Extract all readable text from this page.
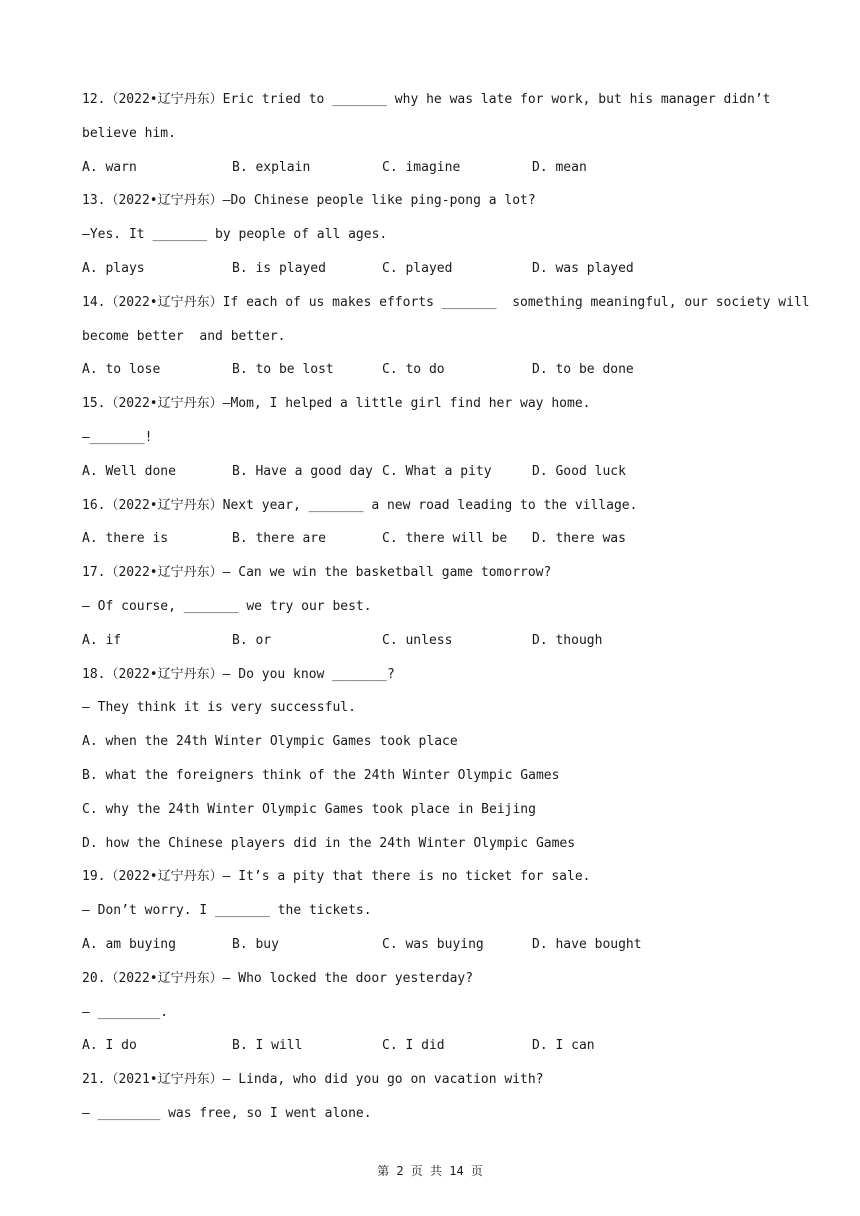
12.（2022•辽宁丹东）Eric tried to _______ why he was late for work, but his manager didn’t
believe him.
A. warn	B. explain	C. imagine	D. mean
13.（2022•辽宁丹东）—Do Chinese people like ping-pong a lot?
—Yes. It _______ by people of all ages.
A. plays	B. is played	C. played	D. was played
14.（2022•辽宁丹东）If each of us makes efforts _______  something meaningful, our society will
become better  and better.
A. to lose	B. to be lost	C. to do	D. to be done
15.（2022•辽宁丹东）—Mom, I helped a little girl find her way home.
—_______!
A. Well done	B. Have a good day C. What a pity	D. Good luck
16.（2022•辽宁丹东）Next year, _______ a new road leading to the village.
A. there is	B. there are	C. there will be	D. there was
17.（2022•辽宁丹东）— Can we win the basketball game tomorrow?
— Of course, _______ we try our best.
A. if	B. or	C. unless	D. though
18.（2022•辽宁丹东）— Do you know _______?
— They think it is very successful.
A. when the 24th Winter Olympic Games took place
B. what the foreigners think of the 24th Winter Olympic Games
C. why the 24th Winter Olympic Games took place in Beijing
D. how the Chinese players did in the 24th Winter Olympic Games
19.（2022•辽宁丹东）— It’s a pity that there is no ticket for sale.
— Don’t worry. I _______ the tickets.
A. am buying	B. buy	C. was buying	D. have bought
20.（2022•辽宁丹东）— Who locked the door yesterday?
— ________.
A. I do	B. I will	C. I did	D. I can
21.（2021•辽宁丹东）— Linda, who did you go on vacation with?
— ________ was free, so I went alone.
第 2 页 共 14 页
